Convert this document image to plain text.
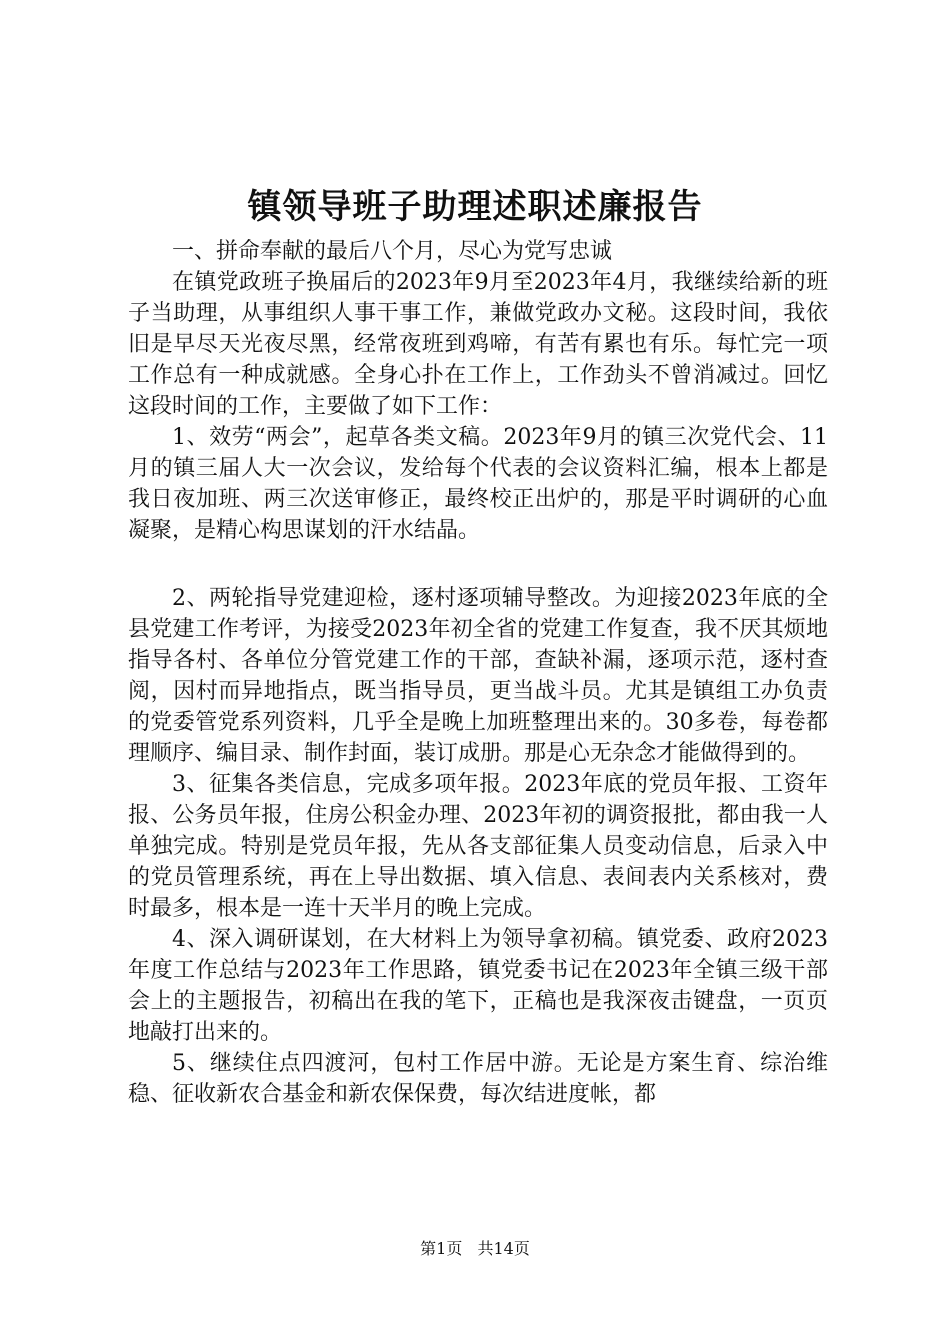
镇领导班子助理述职述廉报告

一、拼命奉献的最后八个月，尽心为党写忠诚

在镇党政班子换届后的2023年9月至2023年4月，我继续给新的班子当助理，从事组织人事干事工作，兼做党政办文秘。这段时间，我依旧是早尽天光夜尽黑，经常夜班到鸡啼，有苦有累也有乐。每忙完一项工作总有一种成就感。全身心扑在工作上，工作劲头不曾消减过。回忆这段时间的工作，主要做了如下工作：

1、效劳“两会”，起草各类文稿。2023年9月的镇三次党代会、11月的镇三届人大一次会议，发给每个代表的会议资料汇编，根本上都是我日夜加班、两三次送审修正，最终校正出炉的，那是平时调研的心血凝聚，是精心构思谋划的汗水结晶。

2、两轮指导党建迎检，逐村逐项辅导整改。为迎接2023年底的全县党建工作考评，为接受2023年初全省的党建工作复查，我不厌其烦地指导各村、各单位分管党建工作的干部，查缺补漏，逐项示范，逐村查阅，因村而异地指点，既当指导员，更当战斗员。尤其是镇组工办负责的党委管党系列资料，几乎全是晚上加班整理出来的。30多卷，每卷都理顺序、编目录、制作封面，装订成册。那是心无杂念才能做得到的。

3、征集各类信息，完成多项年报。2023年底的党员年报、工资年报、公务员年报，住房公积金办理、2023年初的调资报批，都由我一人单独完成。特别是党员年报，先从各支部征集人员变动信息，后录入中的党员管理系统，再在上导出数据、填入信息、表间表内关系核对，费时最多，根本是一连十天半月的晚上完成。

4、深入调研谋划，在大材料上为领导拿初稿。镇党委、政府2023年度工作总结与2023年工作思路，镇党委书记在2023年全镇三级干部会上的主题报告，初稿出在我的笔下，正稿也是我深夜击键盘，一页页地敲打出来的。

5、继续住点四渡河，包村工作居中游。无论是方案生育、综治维稳、征收新农合基金和新农保保费，每次结进度帐，都

第1页 共14页
